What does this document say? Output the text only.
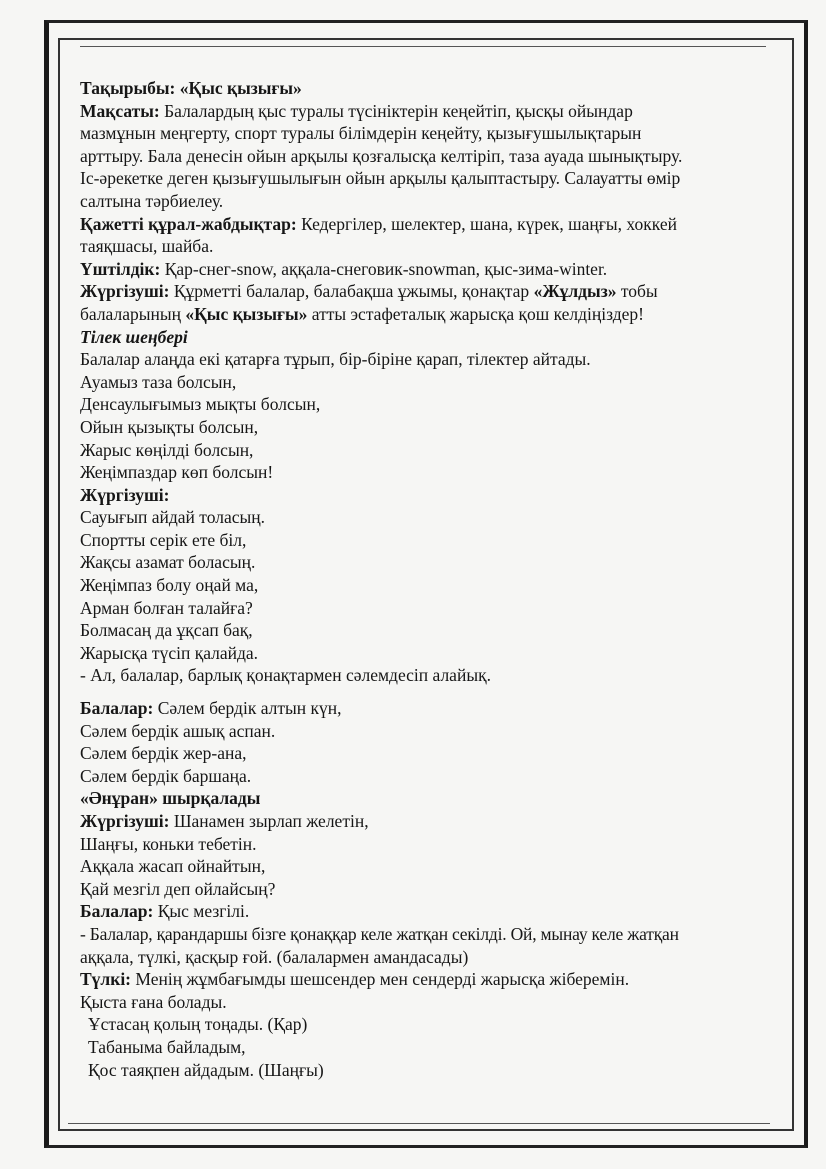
Тақырыбы: «Қыс қызығы»

Мақсаты: Балалардың қыс туралы түсініктерін кеңейтіп, қысқы ойындар

мазмұнын меңгерту, спорт туралы білімдерін кеңейту, қызығушылықтарын

арттыру. Бала денесін ойын арқылы қозғалысқа келтіріп, таза ауада шынықтыру.

Іс-әрекетке деген қызығушылығын ойын арқылы қалыптастыру. Салауатты өмір

салтына тәрбиелеу.

Қажетті құрал-жабдықтар: Кедергілер, шелектер, шана, күрек, шаңғы, хоккей

таяқшасы, шайба.

Үштілдік: Қар-снег-snow, аққала-снеговик-snowman, қыс-зима-winter.

Жүргізуші: Құрметті балалар, балабақша ұжымы, қонақтар «Жұлдыз» тобы

балаларының «Қыс қызығы» атты эстафеталық жарысқа қош келдіңіздер!

Тілек шеңбері

Балалар алаңда екі қатарға тұрып, бір-біріне қарап, тілектер айтады.

Ауамыз таза болсын,

Денсаулығымыз мықты болсын,

Ойын қызықты болсын,

Жарыс көңілді болсын,

Жеңімпаздар көп болсын!

Жүргізуші:

Сауығып айдай толасың.

Спортты серік ете біл,

Жақсы азамат боласың.

Жеңімпаз болу оңай ма,

Арман болған талайға?

Болмасаң да ұқсап бақ,

Жарысқа түсіп қалайда.

- Ал, балалар, барлық қонақтармен сәлемдесіп алайық.

Балалар: Сәлем бердік алтын күн,

Сәлем бердік ашық аспан.

Сәлем бердік жер-ана,

Сәлем бердік баршаңа.

«Әнұран» шырқалады

Жүргізуші: Шанамен зырлап желетін,

Шаңғы, коньки тебетін.

Аққала жасап ойнайтын,

Қай мезгіл деп ойлайсың?

Балалар: Қыс мезгілі.

- Балалар, қарандаршы бізге қонаққар келе жатқан секілді. Ой, мынау келе жатқан

аққала, түлкі, қасқыр ғой. (балалармен амандасады)

Түлкі: Менің жұмбағымды шешсендер мен сендерді жарысқа жіберемін.

Қыста ғана болады.

Ұстасаң қолың тоңады. (Қар)

Табаныма байладым,

Қос таяқпен айдадым. (Шаңғы)
